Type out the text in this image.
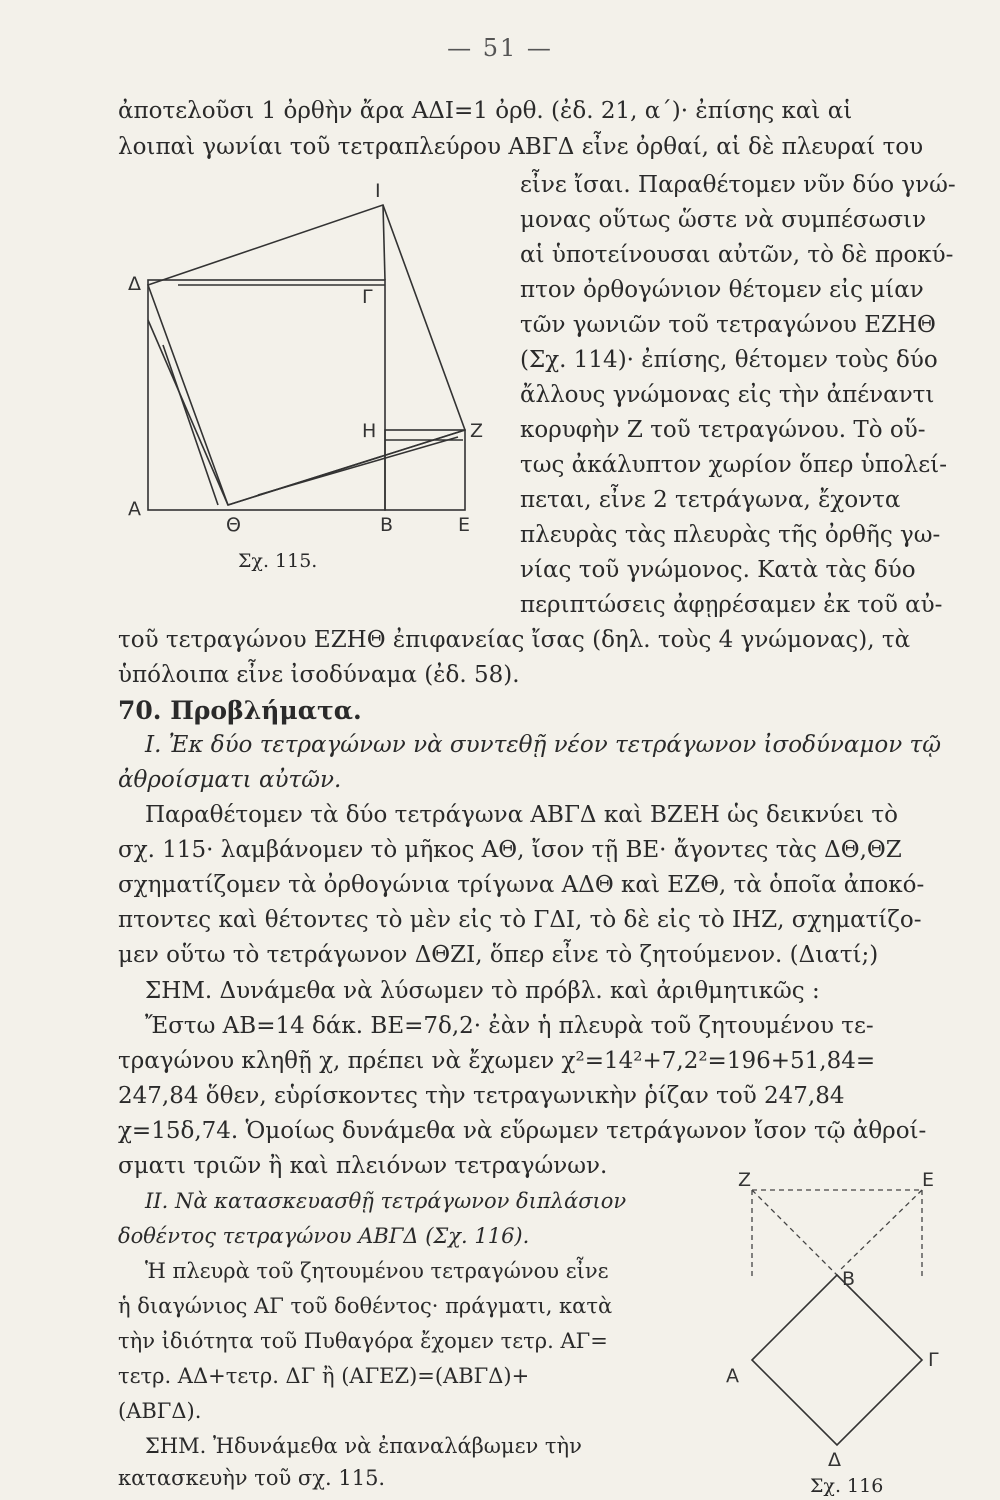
— 51 —
ἀποτελοῦσι 1 ὀρθὴν ἄρα ΑΔΙ=1 ὀρθ. (ἐδ. 21, α΄)· ἐπίσης καὶ αἱ
λοιπαὶ γωνίαι τοῦ τετραπλεύρου ΑΒΓΔ εἶνε ὀρθαί, αἱ δὲ πλευραί του
εἶνε ἴσαι. Παραθέτομεν νῦν δύο γνώ-
μονας οὕτως ὥστε νὰ συμπέσωσιν
αἱ ὑποτείνουσαι αὐτῶν, τὸ δὲ προκύ-
πτον ὀρθογώνιον θέτομεν εἰς μίαν
τῶν γωνιῶν τοῦ τετραγώνου ΕΖΗΘ
(Σχ. 114)· ἐπίσης, θέτομεν τοὺς δύο
ἄλλους γνώμονας εἰς τὴν ἀπέναντι
κορυφὴν Ζ τοῦ τετραγώνου. Τὸ οὕ-
τως ἀκάλυπτον χωρίον ὅπερ ὑπολεί-
πεται, εἶνε 2 τετράγωνα, ἔχοντα
πλευρὰς τὰς πλευρὰς τῆς ὀρθῆς γω-
νίας τοῦ γνώμονος. Κατὰ τὰς δύο
περιπτώσεις ἀφῃρέσαμεν ἐκ τοῦ αὐ-
I
Δ
Γ
Η	Ζ
Α
Θ	Β	Ε
Σχ. 115.
τοῦ τετραγώνου ΕΖΗΘ ἐπιφανείας ἴσας (δηλ. τοὺς 4 γνώμονας), τὰ
ὑπόλοιπα εἶνε ἰσοδύναμα (ἐδ. 58).
70. Προβλήματα.
I. Ἐκ δύο τετραγώνων νὰ συντεθῇ νέον τετράγωνον ἰσοδύναμον τῷ
ἀθροίσματι αὐτῶν.
Παραθέτομεν τὰ δύο τετράγωνα ΑΒΓΔ καὶ ΒΖΕΗ ὡς δεικνύει τὸ
σχ. 115· λαμβάνομεν τὸ μῆκος ΑΘ, ἴσον τῇ ΒΕ· ἄγοντες τὰς ΔΘ,ΘΖ
σχηματίζομεν τὰ ὀρθογώνια τρίγωνα ΑΔΘ καὶ ΕΖΘ, τὰ ὁποῖα ἀποκό-
πτοντες καὶ θέτοντες τὸ μὲν εἰς τὸ ΓΔΙ, τὸ δὲ εἰς τὸ ΙΗΖ, σχηματίζο-
μεν οὕτω τὸ τετράγωνον ΔΘΖΙ, ὅπερ εἶνε τὸ ζητούμενον. (Διατί;)
ΣΗΜ. Δυνάμεθα νὰ λύσωμεν τὸ πρόβλ. καὶ ἀριθμητικῶς :
Ἔστω ΑΒ=14 δάκ. ΒΕ=7δ,2· ἐὰν ἡ πλευρὰ τοῦ ζητουμένου τε-
τραγώνου κληθῇ χ, πρέπει νὰ ἔχωμεν χ²=14²+7,2²=196+51,84=
247,84 ὅθεν, εὑρίσκοντες τὴν τετραγωνικὴν ῥίζαν τοῦ 247,84
χ=15δ,74. Ὁμοίως δυνάμεθα νὰ εὕρωμεν τετράγωνον ἴσον τῷ ἀθροί-
σματι τριῶν ἢ καὶ πλειόνων τετραγώνων.
II. Νὰ κατασκευασθῇ τετράγωνον διπλάσιον
δοθέντος τετραγώνου ΑΒΓΔ (Σχ. 116).
Ἡ πλευρὰ τοῦ ζητουμένου τετραγώνου εἶνε
ἡ διαγώνιος ΑΓ τοῦ δοθέντος· πράγματι, κατὰ
τὴν ἰδιότητα τοῦ Πυθαγόρα ἔχομεν τετρ. ΑΓ=
τετρ. ΑΔ+τετρ. ΔΓ ἢ (ΑΓΕΖ)=(ΑΒΓΔ)+
(ΑΒΓΔ).
ΣΗΜ. Ἠδυνάμεθα νὰ ἐπαναλάβωμεν τὴν
κατασκευὴν τοῦ σχ. 115.
Z	Ε
B
Α
Γ
Δ
Σχ. 116
